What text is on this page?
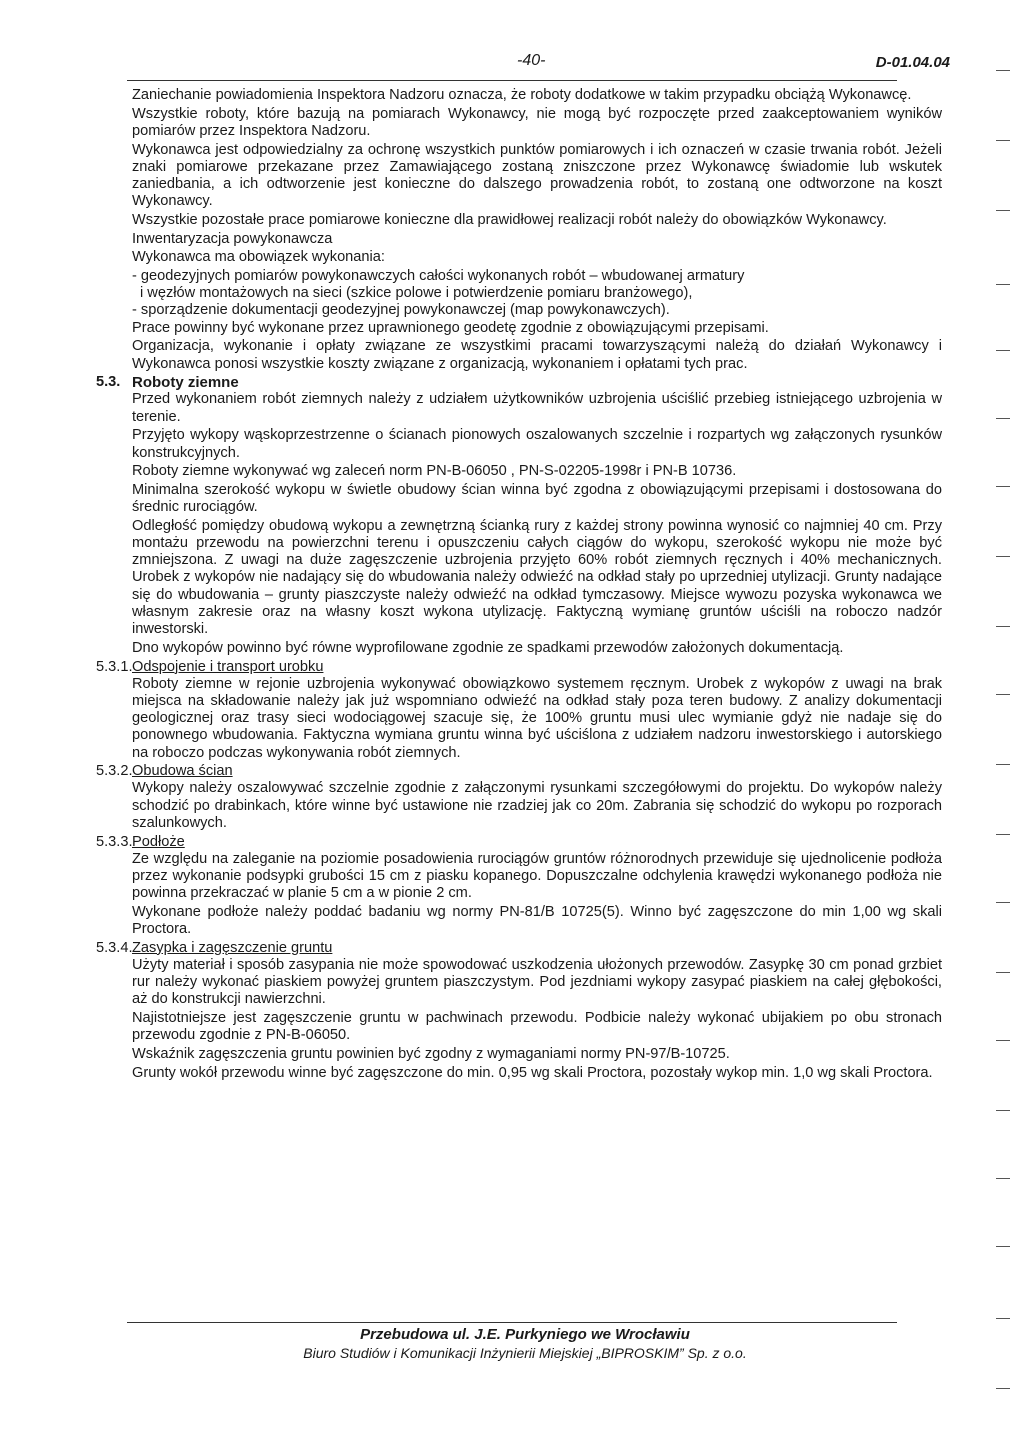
-40-	D-01.04.04

Zaniechanie powiadomienia Inspektora Nadzoru oznacza, że roboty dodatkowe w takim przypadku obciążą Wykonawcę.

Wszystkie roboty, które bazują na pomiarach Wykonawcy, nie mogą być rozpoczęte przed zaakceptowaniem wyników pomiarów przez Inspektora Nadzoru.

Wykonawca jest odpowiedzialny za ochronę wszystkich punktów pomiarowych i ich oznaczeń w czasie trwania robót. Jeżeli znaki pomiarowe przekazane przez Zamawiającego zostaną zniszczone przez Wykonawcę świadomie lub wskutek zaniedbania, a ich odtworzenie jest konieczne do dalszego prowadzenia robót, to zostaną one odtworzone na koszt Wykonawcy.

Wszystkie pozostałe prace pomiarowe konieczne dla prawidłowej realizacji robót należy do obowiązków Wykonawcy.

Inwentaryzacja powykonawcza

Wykonawca ma obowiązek wykonania:

- geodezyjnych pomiarów powykonawczych całości wykonanych robót – wbudowanej armatury

i węzłów montażowych na sieci (szkice polowe i potwierdzenie pomiaru branżowego),

- sporządzenie dokumentacji geodezyjnej powykonawczej (map powykonawczych).

Prace powinny być wykonane przez uprawnionego geodetę zgodnie z obowiązującymi przepisami.

Organizacja, wykonanie i opłaty związane ze wszystkimi pracami towarzyszącymi należą do działań Wykonawcy i Wykonawca ponosi wszystkie koszty związane z organizacją, wykonaniem i opłatami tych prac.

5.3. Roboty ziemne

Przed wykonaniem robót ziemnych należy z udziałem użytkowników uzbrojenia uściślić przebieg istniejącego uzbrojenia w terenie.

Przyjęto wykopy wąskoprzestrzenne o ścianach pionowych oszalowanych szczelnie i rozpartych wg załączonych rysunków konstrukcyjnych.

Roboty ziemne wykonywać wg zaleceń norm PN-B-06050 , PN-S-02205-1998r i PN-B 10736.

Minimalna szerokość wykopu w świetle obudowy ścian winna być zgodna z obowiązującymi przepisami i dostosowana do średnic rurociągów.

Odległość pomiędzy obudową wykopu a zewnętrzną ścianką rury z każdej strony powinna wynosić co najmniej 40 cm. Przy montażu przewodu na powierzchni terenu i opuszczeniu całych ciągów do wykopu, szerokość wykopu nie może być zmniejszona. Z uwagi na duże zagęszczenie uzbrojenia przyjęto 60% robót ziemnych ręcznych i 40% mechanicznych. Urobek z wykopów nie nadający się do wbudowania należy odwieźć na odkład stały po uprzedniej utylizacji. Grunty nadające się do wbudowania – grunty piaszczyste należy odwieźć na odkład tymczasowy. Miejsce wywozu pozyska wykonawca we własnym zakresie oraz na własny koszt wykona utylizację. Faktyczną wymianę gruntów uściśli na roboczo nadzór inwestorski.

Dno wykopów powinno być równe wyprofilowane zgodnie ze spadkami przewodów założonych dokumentacją.

5.3.1. Odspojenie i transport urobku

Roboty ziemne w rejonie uzbrojenia wykonywać obowiązkowo systemem ręcznym. Urobek z wykopów z uwagi na brak miejsca na składowanie należy jak już wspomniano odwieźć na odkład stały poza teren budowy. Z analizy dokumentacji geologicznej oraz trasy sieci wodociągowej szacuje się, że 100% gruntu musi ulec wymianie gdyż nie nadaje się do ponownego wbudowania. Faktyczna wymiana gruntu winna być uściślona z udziałem nadzoru inwestorskiego i autorskiego na roboczo podczas wykonywania robót ziemnych.

5.3.2. Obudowa ścian

Wykopy należy oszalowywać szczelnie zgodnie z załączonymi rysunkami szczegółowymi do projektu. Do wykopów należy schodzić po drabinkach, które winne być ustawione nie rzadziej jak co 20m. Zabrania się schodzić do wykopu po rozporach szalunkowych.

5.3.3. Podłoże

Ze względu na zaleganie na poziomie posadowienia rurociągów gruntów różnorodnych przewiduje się ujednolicenie podłoża przez wykonanie podsypki grubości 15 cm z piasku kopanego. Dopuszczalne odchylenia krawędzi wykonanego podłoża nie powinna przekraczać w planie 5 cm a w pionie 2 cm.

Wykonane podłoże należy poddać badaniu wg normy PN-81/B 10725(5). Winno być zagęszczone do min 1,00 wg skali Proctora.

5.3.4. Zasypka i zagęszczenie gruntu

Użyty materiał i sposób zasypania nie może spowodować uszkodzenia ułożonych przewodów. Zasypkę 30 cm ponad grzbiet rur należy wykonać piaskiem powyżej gruntem piaszczystym. Pod jezdniami wykopy zasypać piaskiem na całej głębokości, aż do konstrukcji nawierzchni.

Najistotniejsze jest zagęszczenie gruntu w pachwinach przewodu. Podbicie należy wykonać ubijakiem po obu stronach przewodu zgodnie z PN-B-06050.

Wskaźnik zagęszczenia gruntu powinien być zgodny z wymaganiami normy PN-97/B-10725.

Grunty wokół przewodu winne być zagęszczone do min. 0,95 wg skali Proctora, pozostały wykop min. 1,0 wg skali Proctora.

Przebudowa ul. J.E. Purkyniego we Wrocławiu
Biuro Studiów i Komunikacji Inżynierii Miejskiej „BIPROSKIM” Sp. z o.o.
